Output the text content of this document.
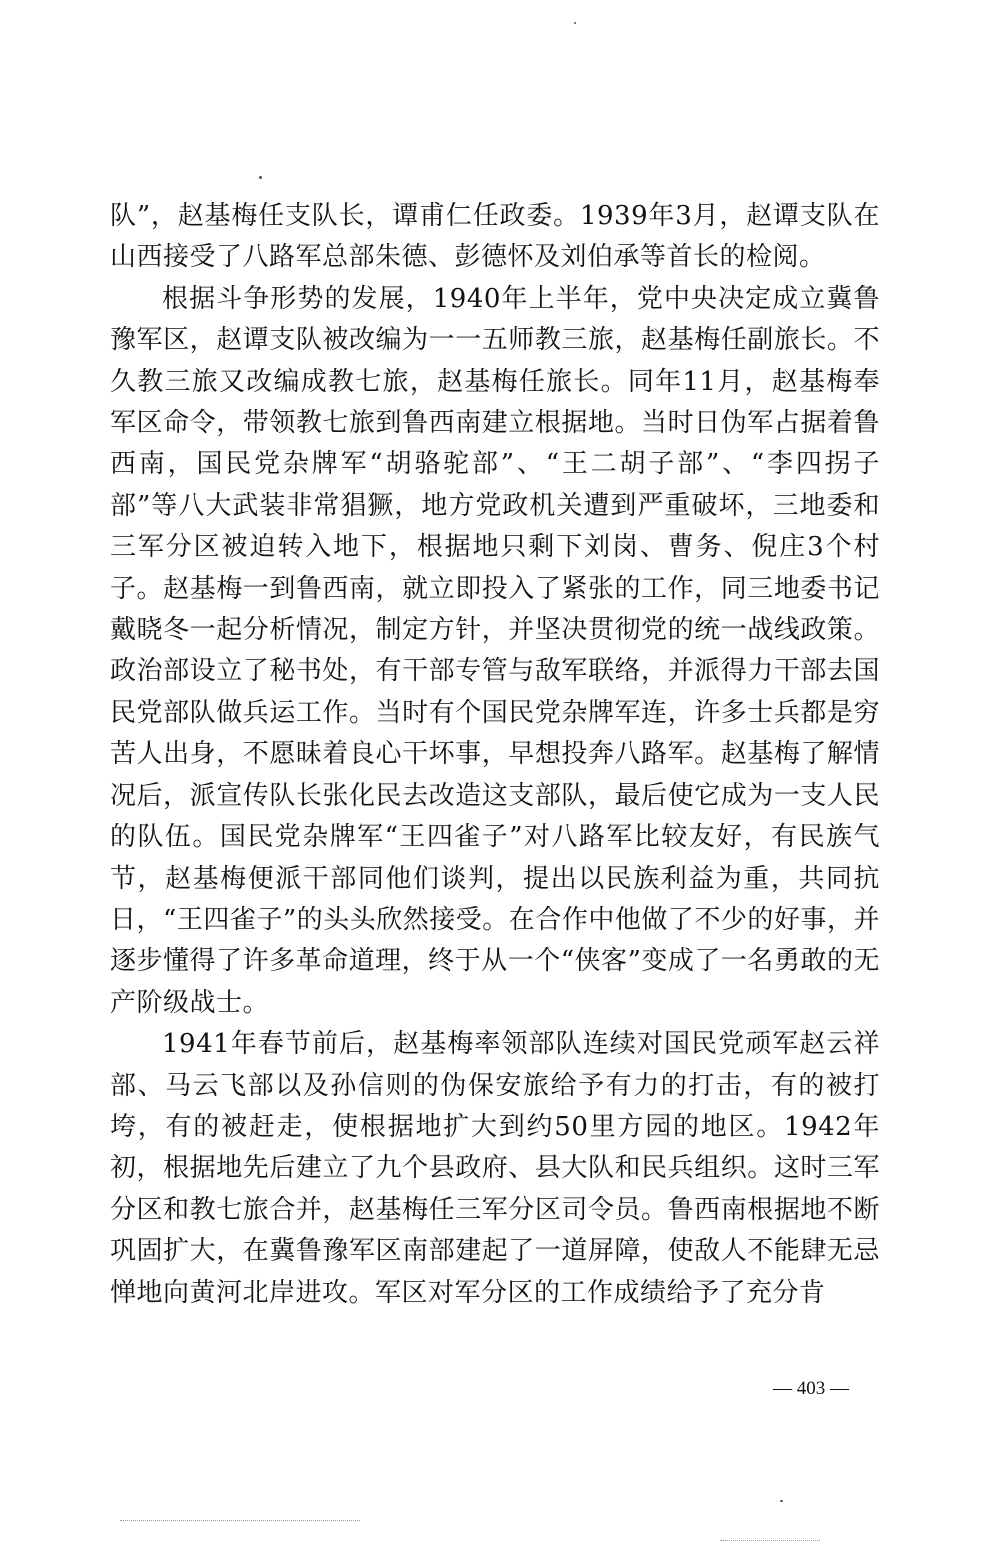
队”，赵基梅任支队长，谭甫仁任政委。1939年3月，赵谭支队在山西接受了八路军总部朱德、彭德怀及刘伯承等首长的检阅。

根据斗争形势的发展，1940年上半年，党中央决定成立冀鲁豫军区，赵谭支队被改编为一一五师教三旅，赵基梅任副旅长。不久教三旅又改编成教七旅，赵基梅任旅长。同年11月，赵基梅奉军区命令，带领教七旅到鲁西南建立根据地。当时日伪军占据着鲁西南，国民党杂牌军“胡骆驼部”、“王二胡子部”、“李四拐子部”等八大武装非常猖獗，地方党政机关遭到严重破坏，三地委和三军分区被迫转入地下，根据地只剩下刘岗、曹务、倪庄3个村子。赵基梅一到鲁西南，就立即投入了紧张的工作，同三地委书记戴晓冬一起分析情况，制定方针，并坚决贯彻党的统一战线政策。政治部设立了秘书处，有干部专管与敌军联络，并派得力干部去国民党部队做兵运工作。当时有个国民党杂牌军连，许多士兵都是穷苦人出身，不愿昧着良心干坏事，早想投奔八路军。赵基梅了解情况后，派宣传队长张化民去改造这支部队，最后使它成为一支人民的队伍。国民党杂牌军“王四雀子”对八路军比较友好，有民族气节，赵基梅便派干部同他们谈判，提出以民族利益为重，共同抗日，“王四雀子”的头头欣然接受。在合作中他做了不少的好事，并逐步懂得了许多革命道理，终于从一个“侠客”变成了一名勇敢的无产阶级战士。

1941年春节前后，赵基梅率领部队连续对国民党顽军赵云祥部、马云飞部以及孙信则的伪保安旅给予有力的打击，有的被打垮，有的被赶走，使根据地扩大到约50里方园的地区。1942年初，根据地先后建立了九个县政府、县大队和民兵组织。这时三军分区和教七旅合并，赵基梅任三军分区司令员。鲁西南根据地不断巩固扩大，在冀鲁豫军区南部建起了一道屏障，使敌人不能肆无忌惮地向黄河北岸进攻。军区对军分区的工作成绩给予了充分肯

— 403 —
